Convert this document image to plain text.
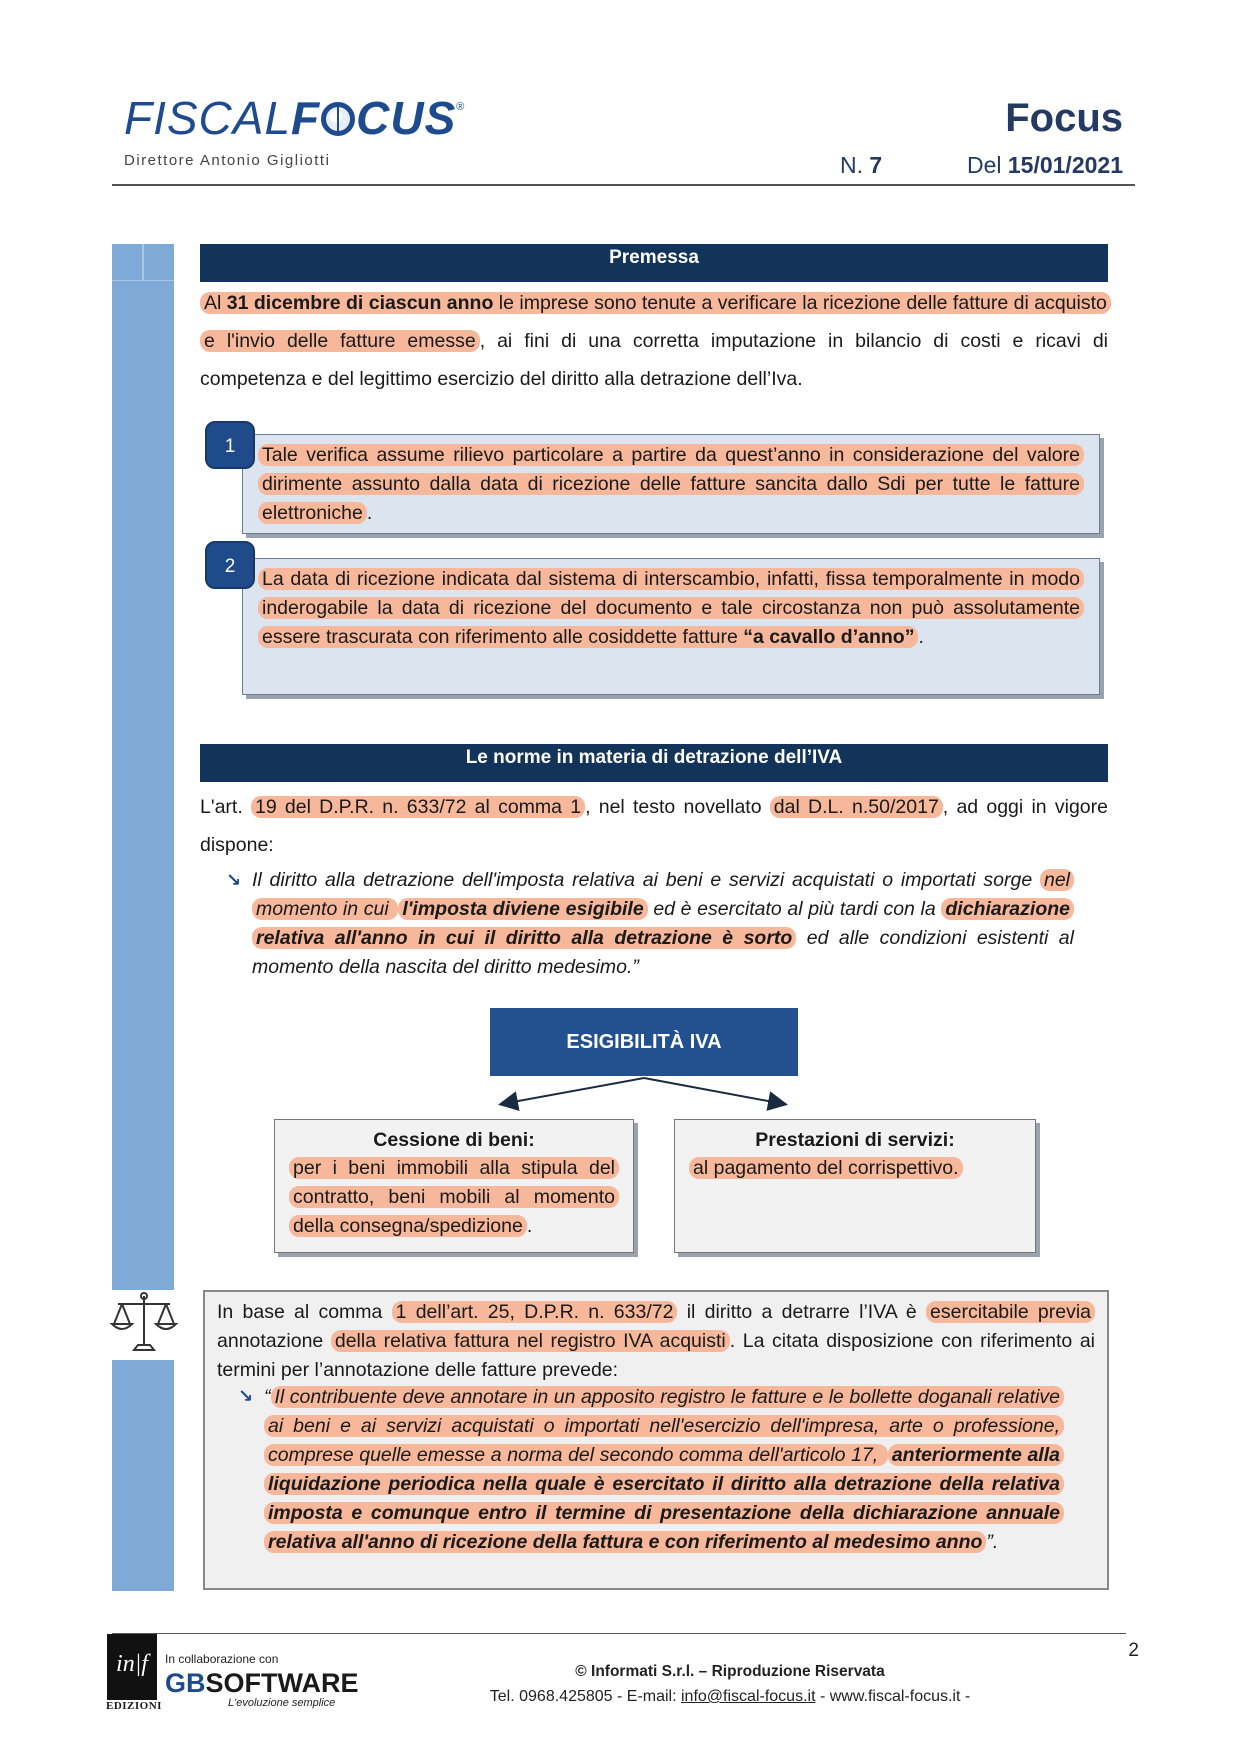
FISCALF CUS®
Direttore Antonio Gigliotti
Focus
N. 7	Del 15/01/2021
Premessa
Al 31 dicembre di ciascun anno le imprese sono tenute a verificare la ricezione delle fatture di acquisto e l'invio delle fatture emesse , ai fini di una corretta imputazione in bilancio di costi e ricavi di competenza e del legittimo esercizio del diritto alla detrazione dell’Iva.
Tale verifica assume rilievo particolare a partire da quest’anno in considerazione del valore dirimente assunto dalla data di ricezione delle fatture sancita dallo Sdi per tutte le fatture elettroniche .
1
La data di ricezione indicata dal sistema di interscambio, infatti, fissa temporalmente in modo inderogabile la data di ricezione del documento e tale circostanza non può assolutamente essere trascurata con riferimento alle cosiddette fatture “a cavallo d’anno” .
2
Le norme in materia di detrazione dell’IVA
L'art. 19 del D.P.R. n. 633/72 al comma 1 , nel testo novellato dal D.L. n.50/2017 , ad oggi in vigore dispone:
↘ Il diritto alla detrazione dell'imposta relativa ai beni e servizi acquistati o importati sorge nel momento in cui l'imposta diviene esigibile ed è esercitato al più tardi con la dichiarazione relativa all'anno in cui il diritto alla detrazione è sorto ed alle condizioni esistenti al momento della nascita del diritto medesimo.”
ESIGIBILITÀ IVA
Cessione di beni:
per i beni immobili alla stipula del contratto, beni mobili al momento della consegna/spedizione .
Prestazioni di servizi:
al pagamento del corrispettivo.
In base al comma 1 dell’art. 25, D.P.R. n. 633/72 il diritto a detrarre l’IVA è esercitabile previa annotazione della relativa fattura nel registro IVA acquisti . La citata disposizione con riferimento ai termini per l’annotazione delle fatture prevede:
↘ “ Il contribuente deve annotare in un apposito registro le fatture e le bollette doganali relative ai beni e ai servizi acquistati o importati nell'esercizio dell'impresa, arte o professione, comprese quelle emesse a norma del secondo comma dell'articolo 17, anteriormente alla liquidazione periodica nella quale è esercitato il diritto alla detrazione della relativa imposta e comunque entro il termine di presentazione della dichiarazione annuale relativa all'anno di ricezione della fattura e con riferimento al medesimo anno ”.
2
in|f
EDIZIONI
In collaborazione con
GBSOFTWARE
L'evoluzione semplice
© Informati S.r.l. – Riproduzione Riservata
Tel. 0968.425805 - E-mail: info@fiscal-focus.it - www.fiscal-focus.it -
